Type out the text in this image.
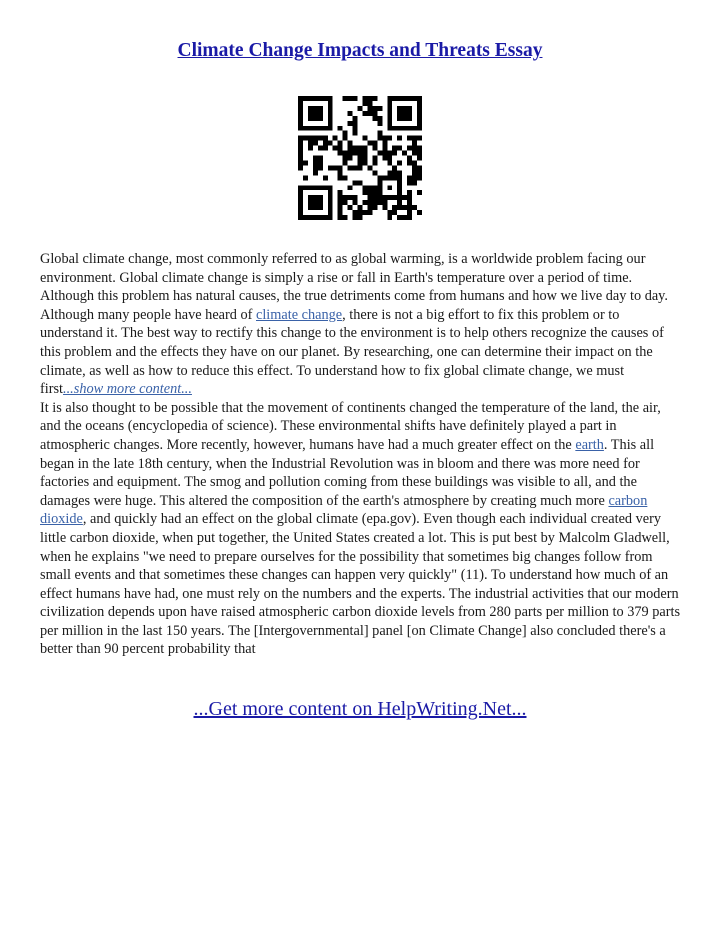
Climate Change Impacts and Threats Essay

Global climate change, most commonly referred to as global warming, is a worldwide problem facing our environment. Global climate change is simply a rise or fall in Earth's temperature over a period of time. Although this problem has natural causes, the true detriments come from humans and how we live day to day. Although many people have heard of climate change, there is not a big effort to fix this problem or to understand it. The best way to rectify this change to the environment is to help others recognize the causes of this problem and the effects they have on our planet. By researching, one can determine their impact on the climate, as well as how to reduce this effect. To understand how to fix global climate change, we must first...show more content...

It is also thought to be possible that the movement of continents changed the temperature of the land, the air, and the oceans (encyclopedia of science). These environmental shifts have definitely played a part in atmospheric changes. More recently, however, humans have had a much greater effect on the earth. This all began in the late 18th century, when the Industrial Revolution was in bloom and there was more need for factories and equipment. The smog and pollution coming from these buildings was visible to all, and the damages were huge. This altered the composition of the earth's atmosphere by creating much more carbon dioxide, and quickly had an effect on the global climate (epa.gov). Even though each individual created very little carbon dioxide, when put together, the United States created a lot. This is put best by Malcolm Gladwell, when he explains "we need to prepare ourselves for the possibility that sometimes big changes follow from small events and that sometimes these changes can happen very quickly" (11). To understand how much of an effect humans have had, one must rely on the numbers and the experts. The industrial activities that our modern civilization depends upon have raised atmospheric carbon dioxide levels from 280 parts per million to 379 parts per million in the last 150 years. The [Intergovernmental] panel [on Climate Change] also concluded there's a better than 90 percent probability that

...Get more content on HelpWriting.Net...
